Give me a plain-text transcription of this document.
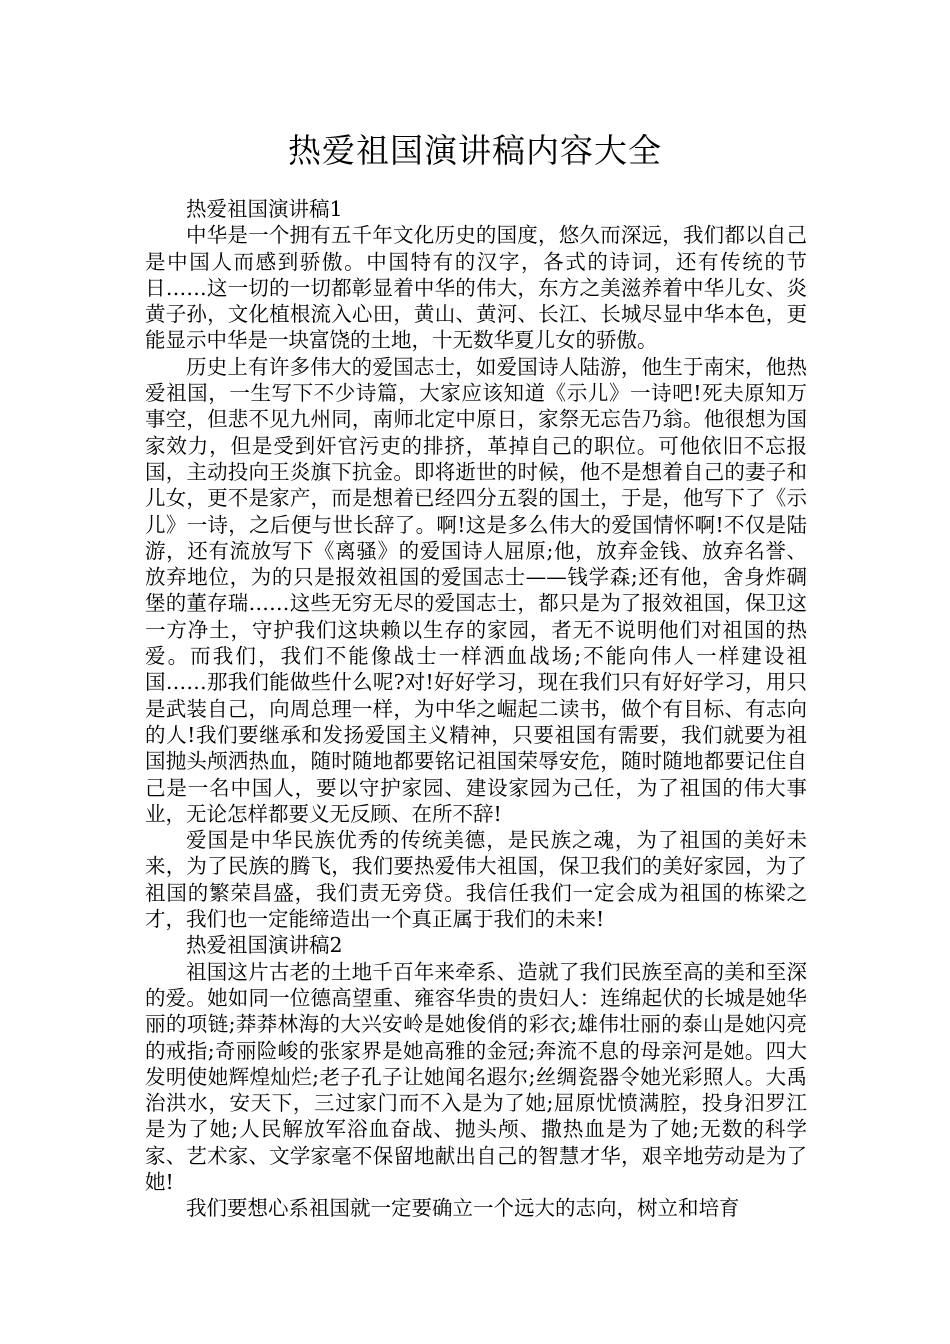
热爱祖国演讲稿内容大全

热爱祖国演讲稿1

中华是一个拥有五千年文化历史的国度，悠久而深远，我们都以自己是中国人而感到骄傲。中国特有的汉字，各式的诗词，还有传统的节日……这一切的一切都彰显着中华的伟大，东方之美滋养着中华儿女、炎黄子孙，文化植根流入心田，黄山、黄河、长江、长城尽显中华本色，更能显示中华是一块富饶的土地，十无数华夏儿女的骄傲。

历史上有许多伟大的爱国志士，如爱国诗人陆游，他生于南宋，他热爱祖国，一生写下不少诗篇，大家应该知道《示儿》一诗吧!死夫原知万事空，但悲不见九州同，南师北定中原日，家祭无忘告乃翁。他很想为国家效力，但是受到奸官污吏的排挤，革掉自己的职位。可他依旧不忘报国，主动投向王炎旗下抗金。即将逝世的时候，他不是想着自己的妻子和儿女，更不是家产，而是想着已经四分五裂的国土，于是，他写下了《示儿》一诗，之后便与世长辞了。啊!这是多么伟大的爱国情怀啊!不仅是陆游，还有流放写下《离骚》的爱国诗人屈原;他，放弃金钱、放弃名誉、放弃地位，为的只是报效祖国的爱国志士——钱学森;还有他，舍身炸碉堡的董存瑞……这些无穷无尽的爱国志士，都只是为了报效祖国，保卫这一方净土，守护我们这块赖以生存的家园，者无不说明他们对祖国的热爱。而我们，我们不能像战士一样洒血战场;不能向伟人一样建设祖国……那我们能做些什么呢?对!好好学习，现在我们只有好好学习，用只是武装自己，向周总理一样，为中华之崛起二读书，做个有目标、有志向的人!我们要继承和发扬爱国主义精神，只要祖国有需要，我们就要为祖国抛头颅洒热血，随时随地都要铭记祖国荣辱安危，随时随地都要记住自己是一名中国人，要以守护家园、建设家园为己任，为了祖国的伟大事业，无论怎样都要义无反顾、在所不辞!

爱国是中华民族优秀的传统美德，是民族之魂，为了祖国的美好未来，为了民族的腾飞，我们要热爱伟大祖国，保卫我们的美好家园，为了祖国的繁荣昌盛，我们责无旁贷。我信任我们一定会成为祖国的栋梁之才，我们也一定能缔造出一个真正属于我们的未来!

热爱祖国演讲稿2

祖国这片古老的土地千百年来牵系、造就了我们民族至高的美和至深的爱。她如同一位德高望重、雍容华贵的贵妇人：连绵起伏的长城是她华丽的项链;莽莽林海的大兴安岭是她俊俏的彩衣;雄伟壮丽的泰山是她闪亮的戒指;奇丽险峻的张家界是她高雅的金冠;奔流不息的母亲河是她。四大发明使她辉煌灿烂;老子孔子让她闻名遐尔;丝绸瓷器令她光彩照人。大禹治洪水，安天下，三过家门而不入是为了她;屈原忧愤满腔，投身汨罗江是为了她;人民解放军浴血奋战、抛头颅、撒热血是为了她;无数的科学家、艺术家、文学家毫不保留地献出自己的智慧才华，艰辛地劳动是为了她!

我们要想心系祖国就一定要确立一个远大的志向，树立和培育
